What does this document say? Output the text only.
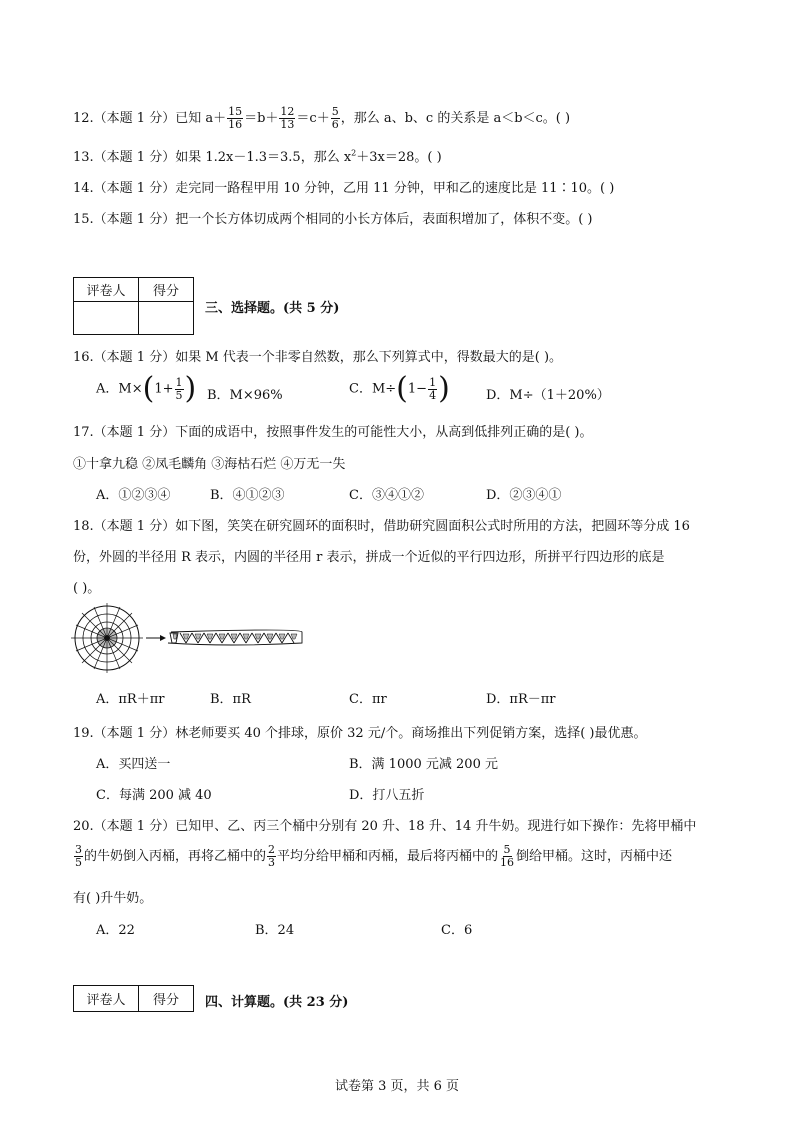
12.（本题 1 分）已知 $a+ \frac{15}{16} =b+ \frac{12}{13} =c+ \frac{5}{6}$ ，那么 a、b、c 的关系是 a＜b＜c。( )
13.（本题 1 分）如果 1.2x－1.3＝3.5，那么 $x^2+3x=28$。( )
14.（本题 1 分）走完同一路程甲用 10 分钟，乙用 11 分钟，甲和乙的速度比是 11∶10。( )
15.（本题 1 分）把一个长方体切成两个相同的小长方体后，表面积增加了，体积不变。( )
评卷人	得分

三、选择题。(共 5 分)
16.（本题 1 分）如果 M 代表一个非零自然数，那么下列算式中，得数最大的是( )。
A．$M\times(1+ \frac{1}{5}$ ) B．M×96%	C．$M\div(1- \frac{1}{4}$ )	D．M÷（1＋20%）
17.（本题 1 分）下面的成语中，按照事件发生的可能性大小，从高到低排列正确的是( )。
①十拿九稳 ②凤毛麟角 ③海枯石烂 ④万无一失
A．①②③④	B．④①②③	C．③④①②	D．②③④①
18.（本题 1 分）如下图，笑笑在研究圆环的面积时，借助研究圆面积公式时所用的方法，把圆环等分成 16
份，外圆的半径用 R 表示，内圆的半径用 r 表示，拼成一个近似的平行四边形，所拼平行四边形的底是
( )。
A．πR＋πr	B．πR	C．πr	D．πR－πr
19.（本题 1 分）林老师要买 40 个排球，原价 32 元/个。商场推出下列促销方案，选择( )最优惠。
A．买四送一	B．满 1000 元减 200 元
C．每满 200 减 40	D．打八五折
20.（本题 1 分）已知甲、乙、丙三个桶中分别有 20 升、18 升、14 升牛奶。现进行如下操作：先将甲桶中
$\frac{3}{5}$ 的牛奶倒入丙桶，再将乙桶中的 $\frac{2}{3}$ 平均分给甲桶和丙桶，最后将丙桶中的 $\frac{5}{16}$ 倒给甲桶。这时，丙桶中还
有( )升牛奶。
A．22	B．24	C．6
评卷人	得分 四、计算题。(共 23 分)
试卷第 3 页，共 6 页
